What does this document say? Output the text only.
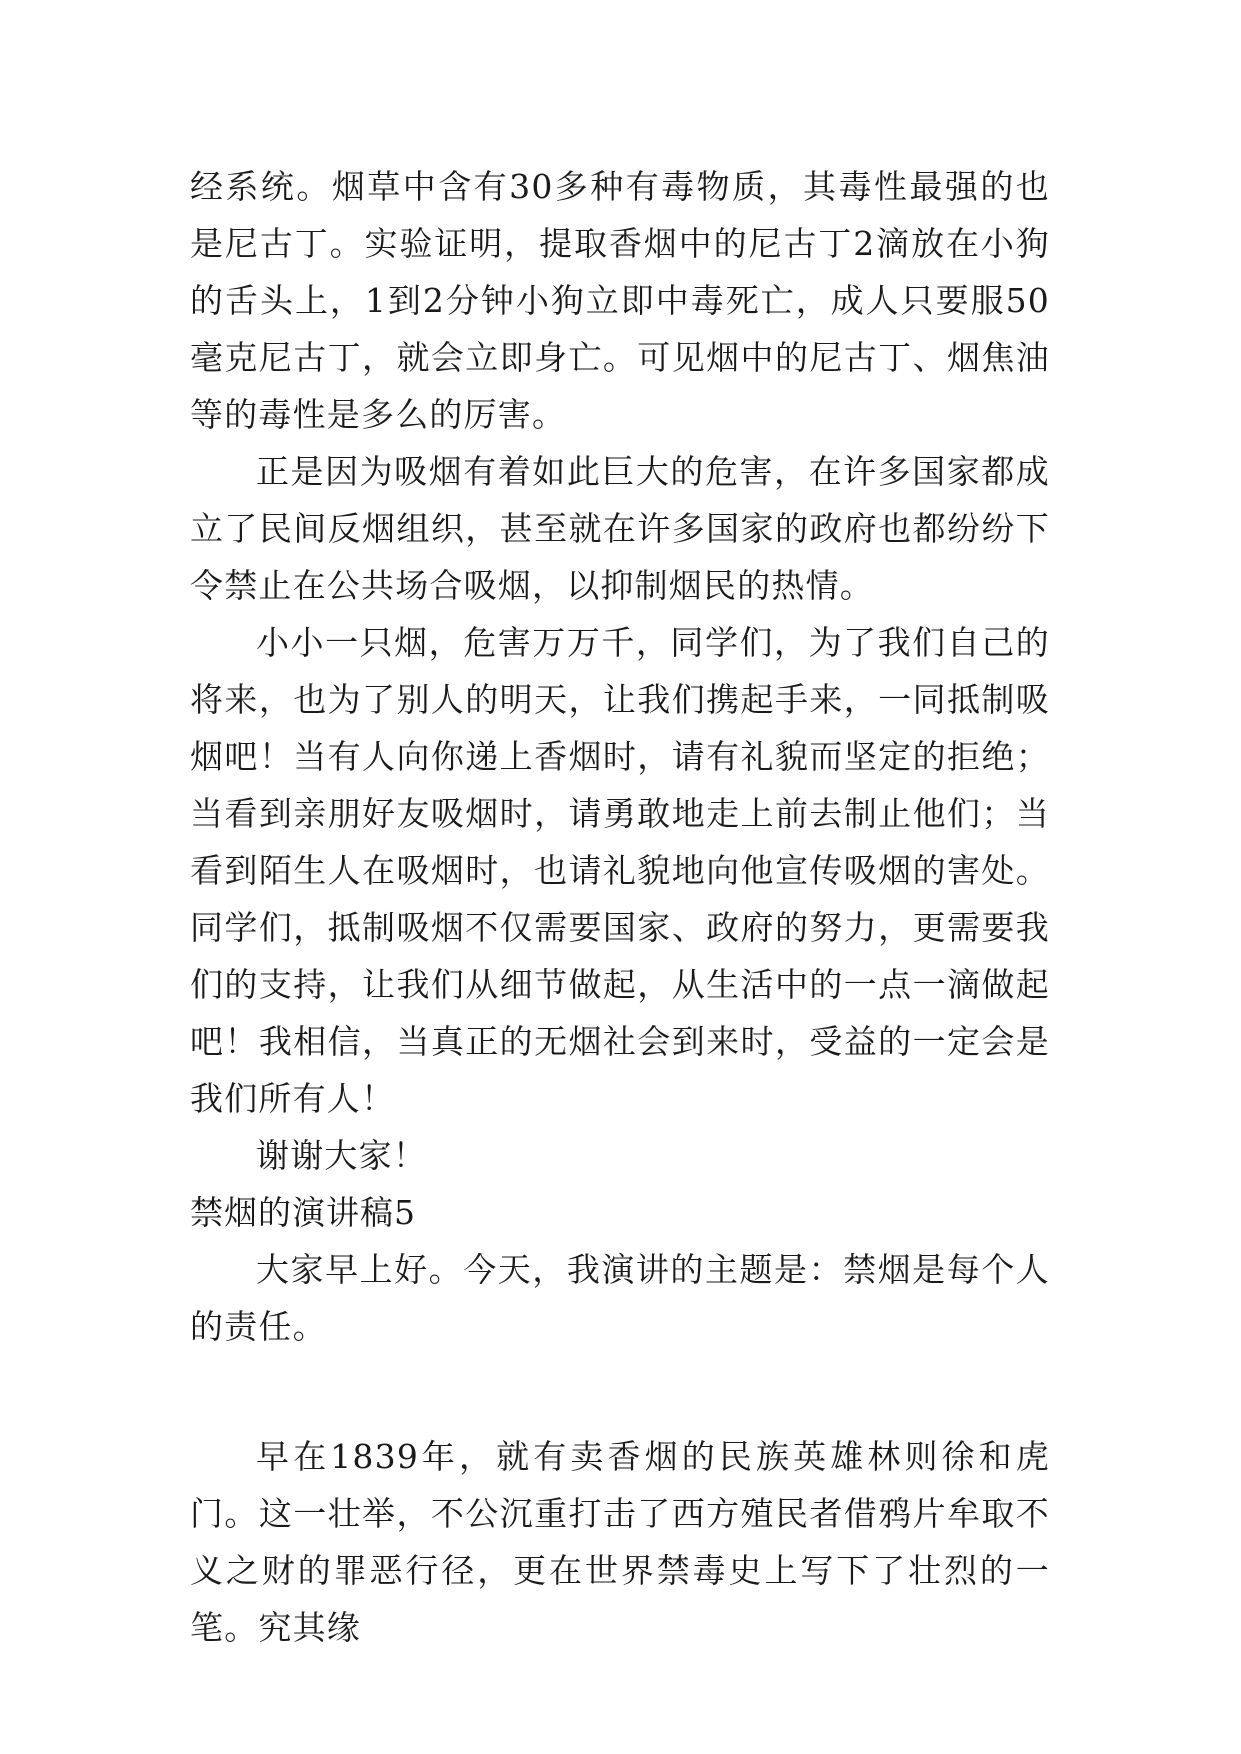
经系统。烟草中含有30多种有毒物质，其毒性最强的也是尼古丁。实验证明，提取香烟中的尼古丁2滴放在小狗的舌头上，1到2分钟小狗立即中毒死亡，成人只要服50毫克尼古丁，就会立即身亡。可见烟中的尼古丁、烟焦油等的毒性是多么的厉害。

正是因为吸烟有着如此巨大的危害，在许多国家都成立了民间反烟组织，甚至就在许多国家的政府也都纷纷下令禁止在公共场合吸烟，以抑制烟民的热情。

小小一只烟，危害万万千，同学们，为了我们自己的将来，也为了别人的明天，让我们携起手来，一同抵制吸烟吧！当有人向你递上香烟时，请有礼貌而坚定的拒绝；当看到亲朋好友吸烟时，请勇敢地走上前去制止他们；当看到陌生人在吸烟时，也请礼貌地向他宣传吸烟的害处。同学们，抵制吸烟不仅需要国家、政府的努力，更需要我们的支持，让我们从细节做起，从生活中的一点一滴做起吧！我相信，当真正的无烟社会到来时，受益的一定会是我们所有人！

谢谢大家！

禁烟的演讲稿5

大家早上好。今天，我演讲的主题是：禁烟是每个人的责任。

早在1839年，就有卖香烟的民族英雄林则徐和虎门。这一壮举，不公沉重打击了西方殖民者借鸦片牟取不义之财的罪恶行径，更在世界禁毒史上写下了壮烈的一笔。究其缘
